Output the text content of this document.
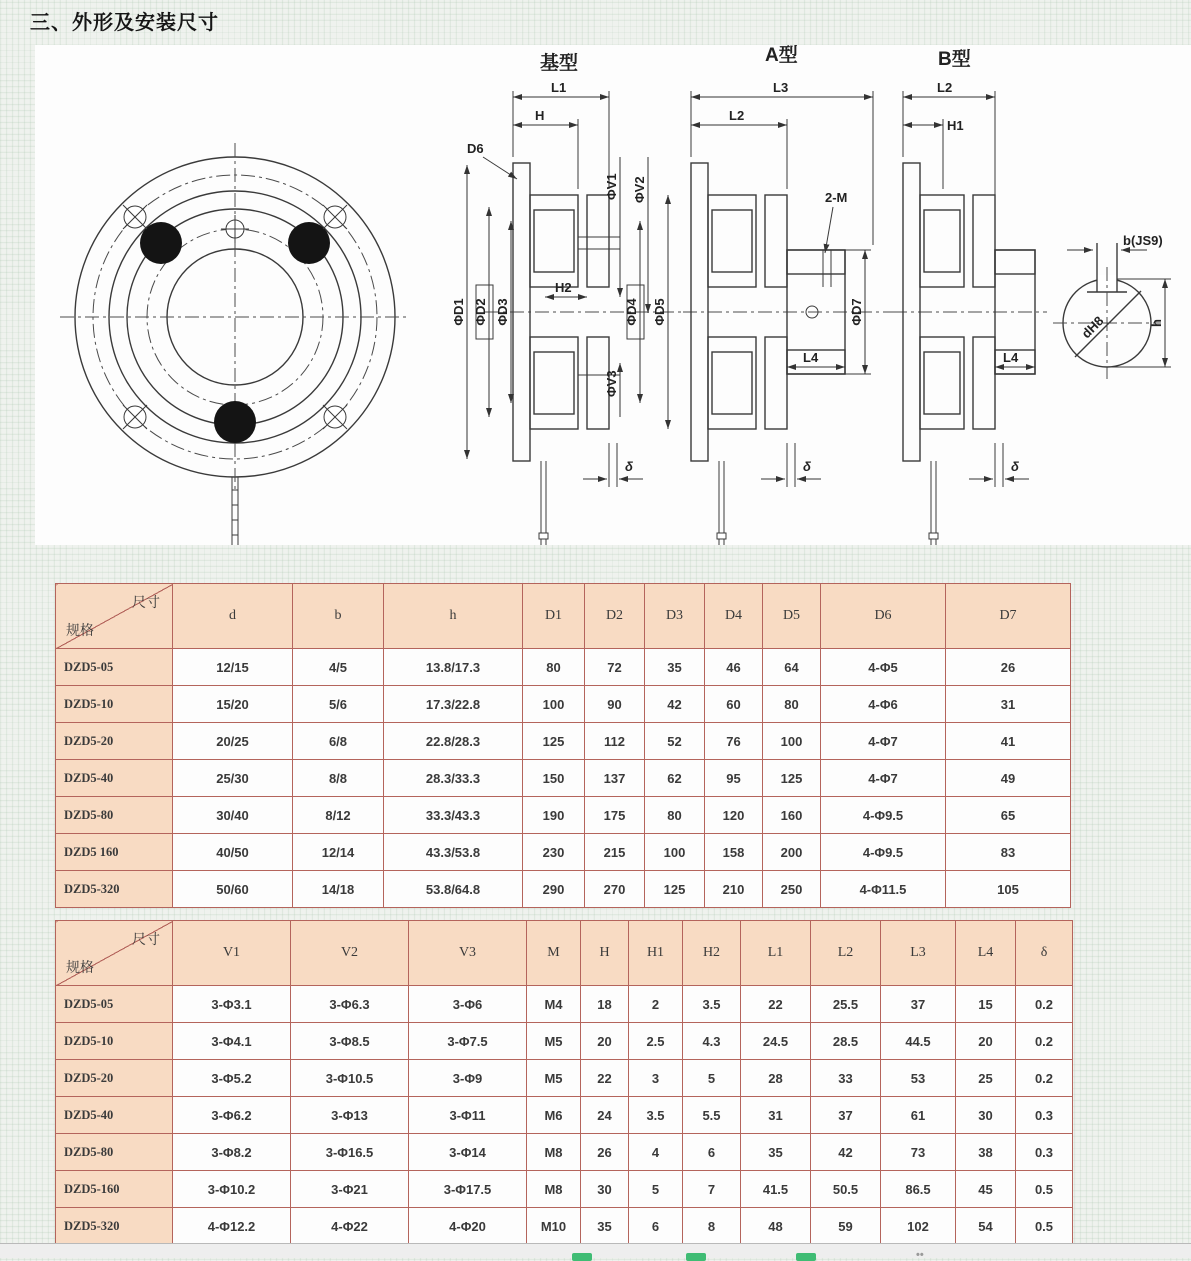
三、外形及安装尺寸
基型
L1
H
D6
ΦV1 ΦV2
H2
ΦD1 ΦD2 ΦD3	ΦD4 ΦD5
ΦV3
δ
A型
L3
L2
2-M
L4
ΦD7
δ
B型
L2
H1
L4
δ
dH8
b(JS9)
h
尺寸
规格	d	b	h	D1	D2	D3	D4	D5	D6	D7
DZD5-05	12/15	4/5	13.8/17.3	80	72	35	46	64	4-Φ5	26
DZD5-10	15/20	5/6	17.3/22.8	100	90	42	60	80	4-Φ6	31
DZD5-20	20/25	6/8	22.8/28.3	125	112	52	76	100	4-Φ7	41
DZD5-40	25/30	8/8	28.3/33.3	150	137	62	95	125	4-Φ7	49
DZD5-80	30/40	8/12	33.3/43.3	190	175	80	120	160	4-Φ9.5	65
DZD5 160	40/50	12/14	43.3/53.8	230	215	100	158	200	4-Φ9.5	83
DZD5-320	50/60	14/18	53.8/64.8	290	270	125	210	250	4-Φ11.5	105
尺寸
规格	V1	V2	V3	M	H	H1	H2	L1	L2	L3	L4	δ
DZD5-05	3-Φ3.1	3-Φ6.3	3-Φ6	M4	18	2	3.5	22	25.5	37	15	0.2
DZD5-10	3-Φ4.1	3-Φ8.5	3-Φ7.5	M5	20	2.5	4.3	24.5	28.5	44.5	20	0.2
DZD5-20	3-Φ5.2	3-Φ10.5	3-Φ9	M5	22	3	5	28	33	53	25	0.2
DZD5-40	3-Φ6.2	3-Φ13	3-Φ11	M6	24	3.5	5.5	31	37	61	30	0.3
DZD5-80	3-Φ8.2	3-Φ16.5	3-Φ14	M8	26	4	6	35	42	73	38	0.3
DZD5-160	3-Φ10.2	3-Φ21	3-Φ17.5	M8	30	5	7	41.5	50.5	86.5	45	0.5
DZD5-320	4-Φ12.2	4-Φ22	4-Φ20	M10	35	6	8	48	59	102	54	0.5
••
